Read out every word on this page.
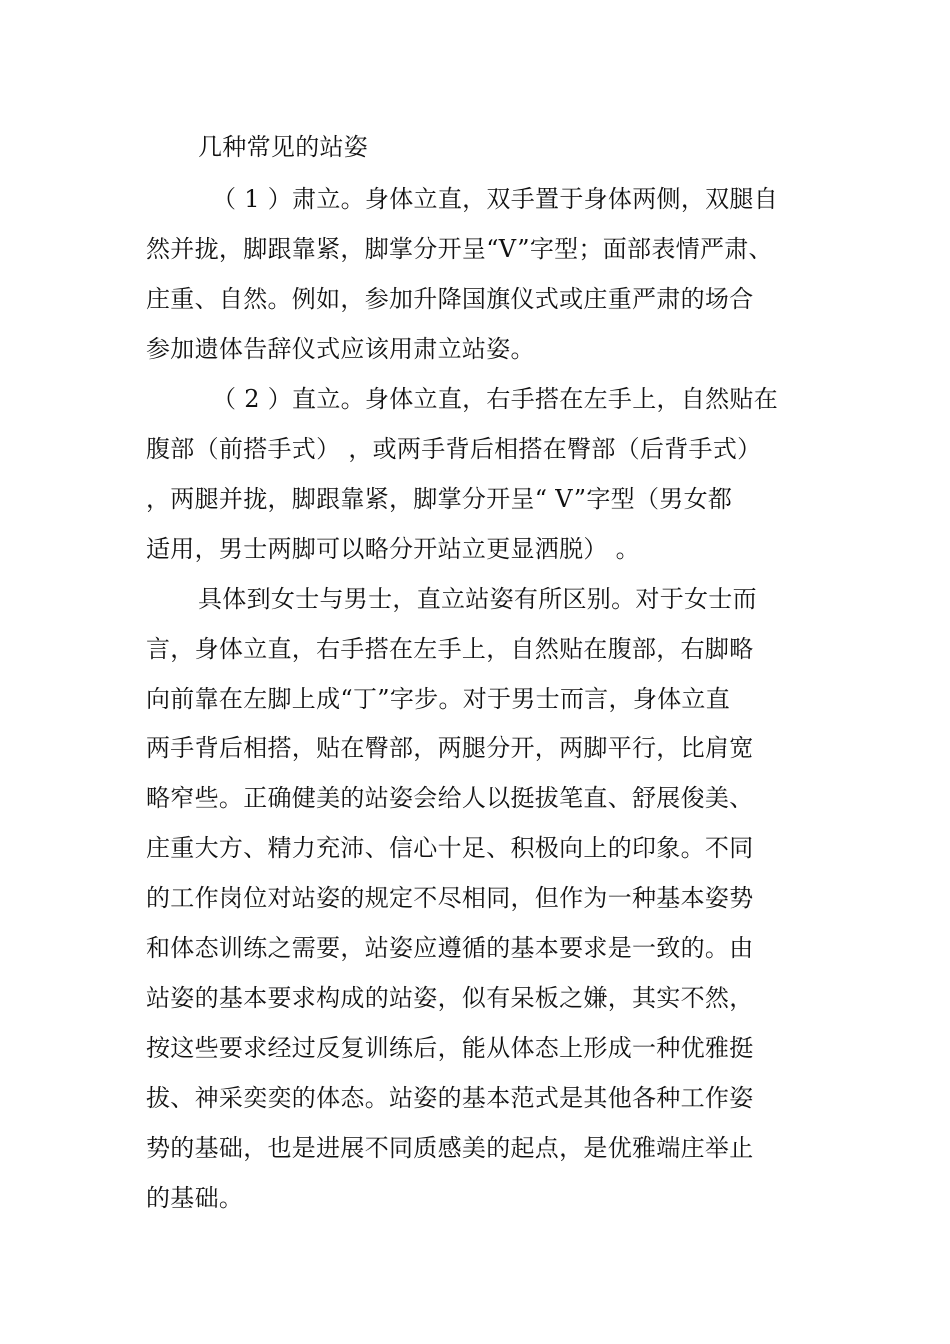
几种常见的站姿
（ 1 ）肃立。身体立直，双手置于身体两侧，双腿自
然并拢，脚跟靠紧，脚掌分开呈“V”字型；面部表情严肃、
庄重、自然。例如，参加升降国旗仪式或庄重严肃的场合
参加遗体告辞仪式应该用肃立站姿。
（ 2 ）直立。身体立直，右手搭在左手上，自然贴在
腹部（前搭手式） ，或两手背后相搭在臀部（后背手式）
，两腿并拢，脚跟靠紧，脚掌分开呈“ V”字型（男女都
适用，男士两脚可以略分开站立更显洒脱） 。
具体到女士与男士，直立站姿有所区别。对于女士而
言，身体立直，右手搭在左手上，自然贴在腹部，右脚略
向前靠在左脚上成“丁”字步。对于男士而言，身体立直
两手背后相搭，贴在臀部，两腿分开，两脚平行，比肩宽
略窄些。正确健美的站姿会给人以挺拔笔直、舒展俊美、
庄重大方、精力充沛、信心十足、积极向上的印象。不同
的工作岗位对站姿的规定不尽相同，但作为一种基本姿势
和体态训练之需要，站姿应遵循的基本要求是一致的。由
站姿的基本要求构成的站姿，似有呆板之嫌，其实不然，
按这些要求经过反复训练后，能从体态上形成一种优雅挺
拔、神采奕奕的体态。站姿的基本范式是其他各种工作姿
势的基础，也是进展不同质感美的起点，是优雅端庄举止
的基础。
